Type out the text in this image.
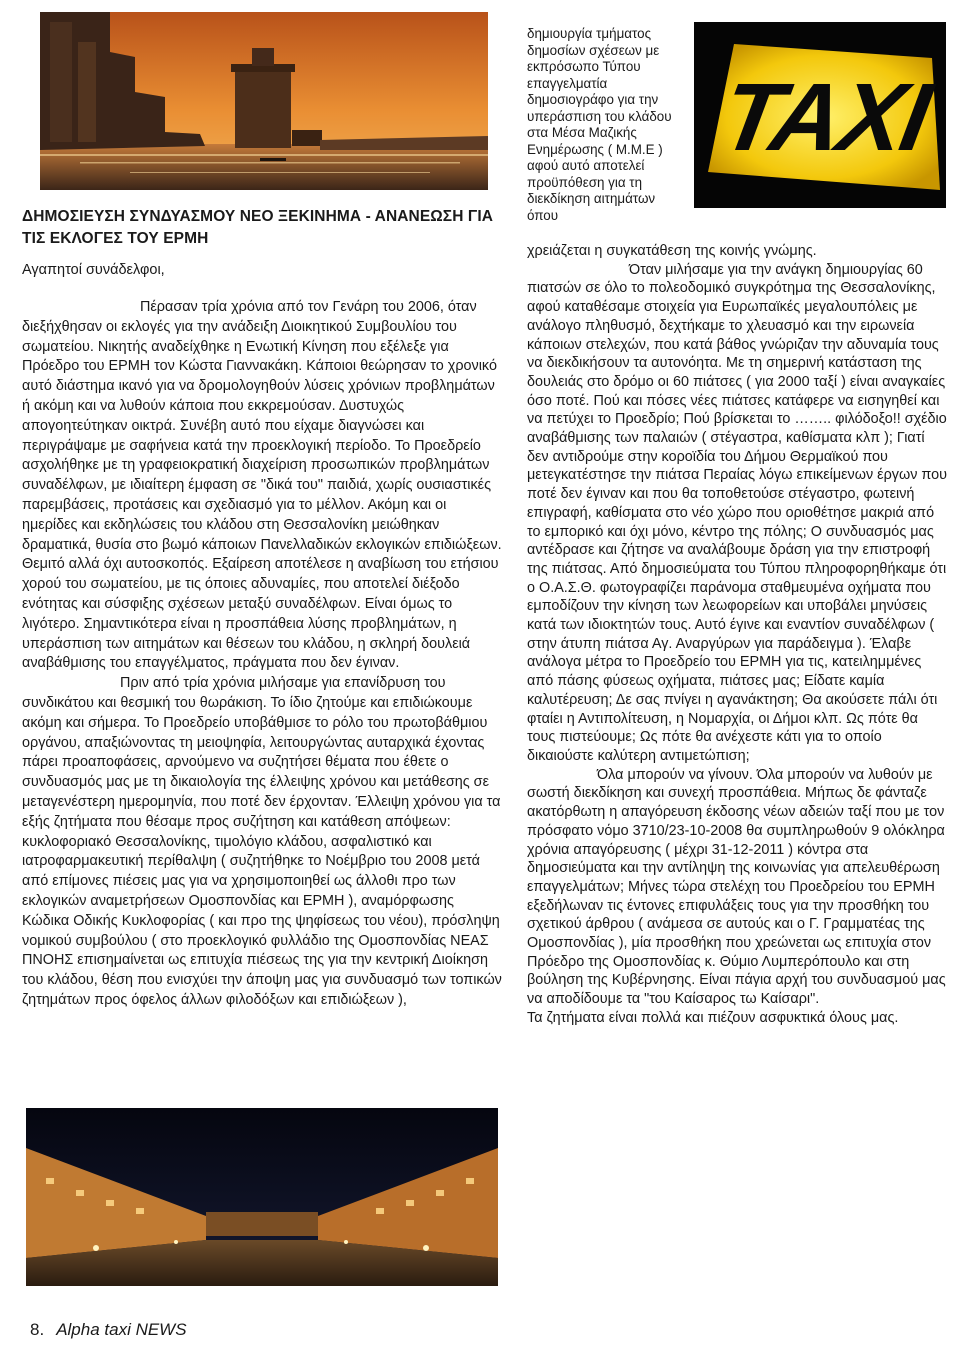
TAXI
ΔΗΜΟΣΙΕΥΣΗ ΣΥΝΔΥΑΣΜΟΥ ΝΕΟ ΞΕΚΙΝΗΜΑ - ΑΝΑΝΕΩΣΗ ΓΙΑ ΤΙΣ ΕΚΛΟΓΕΣ ΤΟΥ ΕΡΜΗ

Αγαπητοί συνάδελφοι,

Πέρασαν τρία χρόνια από τον Γενάρη του 2006, όταν διεξήχθησαν οι εκλογές για την ανάδειξη Διοικητικού Συμβουλίου του σωματείου. Νικητής αναδείχθηκε η Ενωτική Κίνηση που εξέλεξε για Πρόεδρο του ΕΡΜΗ τον Κώστα Γιαννακάκη. Κάποιοι θεώρησαν το χρονικό αυτό διάστημα ικανό για να δρομολογηθούν λύσεις χρόνιων προβλημάτων ή ακόμη και να λυθούν κάποια που εκκρεμούσαν. Δυστυχώς απογοητεύτηκαν οικτρά. Συνέβη αυτό που είχαμε διαγνώσει και περιγράψαμε με σαφήνεια κατά την προεκλογική περίοδο. Το Προεδρείο ασχολήθηκε με τη γραφειοκρατική διαχείριση προσωπικών προβλημάτων συναδέλφων, με ιδιαίτερη έμφαση σε "δικά του" παιδιά, χωρίς ουσιαστικές παρεμβάσεις, προτάσεις και σχεδιασμό για το μέλλον. Ακόμη και οι ημερίδες και εκδηλώσεις του κλάδου στη Θεσσαλονίκη μειώθηκαν δραματικά, θυσία στο βωμό κάποιων Πανελλαδικών εκλογικών επιδιώξεων. Θεμιτό αλλά όχι αυτοσκοπός. Εξαίρεση αποτέλεσε η αναβίωση του ετήσιου χορού του σωματείου, με τις όποιες αδυναμίες, που αποτελεί διέξοδο ενότητας και σύσφιξης σχέσεων μεταξύ συναδέλφων. Είναι όμως το λιγότερο. Σημαντικότερα είναι η προσπάθεια λύσης προβλημάτων, η υπεράσπιση των αιτημάτων και θέσεων του κλάδου, η σκληρή δουλειά αναβάθμισης του επαγγέλματος, πράγματα που δεν έγιναν.

Πριν από τρία χρόνια μιλήσαμε για επανίδρυση του συνδικάτου και θεσμική του θωράκιση. Το ίδιο ζητούμε και επιδιώκουμε ακόμη και σήμερα. Το Προεδρείο υποβάθμισε το ρόλο του πρωτοβάθμιου οργάνου, απαξιώνοντας τη μειοψηφία, λειτουργώντας αυταρχικά έχοντας πάρει προαποφάσεις, αρνούμενο να συζητήσει θέματα που έθετε ο συνδυασμός μας με τη δικαιολογία της έλλειψης χρόνου και μετάθεσης σε μεταγενέστερη ημερομηνία, που ποτέ δεν έρχονταν. Έλλειψη χρόνου για τα εξής ζητήματα που θέσαμε προς συζήτηση και κατάθεση απόψεων: κυκλοφοριακό Θεσσαλονίκης, τιμολόγιο κλάδου, ασφαλιστικό και ιατροφαρμακευτική περίθαλψη ( συζητήθηκε το Νοέμβριο του 2008 μετά από επίμονες πιέσεις μας για να χρησιμοποιηθεί ως άλλοθι προ των εκλογικών αναμετρήσεων Ομοσπονδίας και ΕΡΜΗ ), αναμόρφωσης Κώδικα Οδικής Κυκλοφορίας ( και προ της ψηφίσεως του νέου), πρόσληψη νομικού συμβούλου ( στο προεκλογικό φυλλάδιο της Ομοσπονδίας ΝΕΑΣ ΠΝΟΗΣ επισημαίνεται ως επιτυχία πιέσεως της για την κεντρική Διοίκηση του κλάδου, θέση που ενισχύει την άποψη μας για συνδυασμό των τοπικών ζητημάτων προς όφελος άλλων φιλοδόξων και επιδιώξεων ),

δημιουργία τμήματος δημοσίων σχέσεων με εκπρόσωπο Τύπου επαγγελματία δημοσιογράφο για την υπεράσπιση του κλάδου στα Μέσα Μαζικής Ενημέρωσης ( Μ.Μ.Ε ) αφού αυτό αποτελεί προϋπόθεση για τη διεκδίκηση αιτημάτων όπου

χρειάζεται η συγκατάθεση της κοινής γνώμης.

Όταν μιλήσαμε για την ανάγκη δημιουργίας 60 πιατσών σε όλο το πολεοδομικό συγκρότημα της Θεσσαλονίκης, αφού καταθέσαμε στοιχεία για Ευρωπαϊκές μεγαλουπόλεις με ανάλογο πληθυσμό, δεχτήκαμε το χλευασμό και την ειρωνεία κάποιων στελεχών, που κατά βάθος γνώριζαν την αδυναμία τους να διεκδικήσουν τα αυτονόητα. Με τη σημερινή κατάσταση της δουλειάς στο δρόμο οι 60 πιάτσες ( για 2000 ταξί ) είναι αναγκαίες όσο ποτέ. Πού και πόσες νέες πιάτσες κατάφερε να εισηγηθεί και να πετύχει το Προεδρίο; Πού βρίσκεται το …….. φιλόδοξο!! σχέδιο αναβάθμισης των παλαιών ( στέγαστρα, καθίσματα κλπ ); Γιατί δεν αντιδρούμε στην κοροϊδία του Δήμου Θερμαϊκού που μετεγκατέστησε την πιάτσα Περαίας λόγω επικείμενων έργων που ποτέ δεν έγιναν και που θα τοποθετούσε στέγαστρο, φωτεινή επιγραφή, καθίσματα στο νέο χώρο που οριοθέτησε μακριά από το εμπορικό και όχι μόνο, κέντρο της πόλης; Ο συνδυασμός μας αντέδρασε και ζήτησε να αναλάβουμε δράση για την επιστροφή της πιάτσας. Από δημοσιεύματα του Τύπου πληροφορηθήκαμε ότι ο Ο.Α.Σ.Θ. φωτογραφίζει παράνομα σταθμευμένα οχήματα που εμποδίζουν την κίνηση των λεωφορείων και υποβάλει μηνύσεις κατά των ιδιοκτητών τους. Αυτό έγινε και εναντίον συναδέλφων ( στην άτυπη πιάτσα Αγ. Αναργύρων για παράδειγμα ). Έλαβε ανάλογα μέτρα το Προεδρείο του ΕΡΜΗ για τις, κατειλημμένες από πάσης φύσεως οχήματα, πιάτσες μας; Είδατε καμία καλυτέρευση; Δε σας πνίγει η αγανάκτηση; Θα ακούσετε πάλι ότι φταίει η Αντιπολίτευση, η Νομαρχία, οι Δήμοι κλπ. Ως πότε θα τους πιστεύουμε; Ως πότε θα ανέχεστε κάτι για το οποίο δικαιούστε καλύτερη αντιμετώπιση;

Όλα μπορούν να γίνουν. Όλα μπορούν να λυθούν με σωστή διεκδίκηση και συνεχή προσπάθεια. Μήπως δε φάνταζε ακατόρθωτη η απαγόρευση έκδοσης νέων αδειών ταξί που με τον πρόσφατο νόμο 3710/23-10-2008 θα συμπληρωθούν 9 ολόκληρα χρόνια απαγόρευσης ( μέχρι 31-12-2011 ) κόντρα στα δημοσιεύματα και την αντίληψη της κοινωνίας για απελευθέρωση επαγγελμάτων; Μήνες τώρα στελέχη του Προεδρείου του ΕΡΜΗ εξεδήλωναν τις έντονες επιφυλάξεις τους για την προσθήκη του σχετικού άρθρου ( ανάμεσα σε αυτούς και ο Γ. Γραμματέας της Ομοσπονδίας ), μία προσθήκη που χρεώνεται ως επιτυχία στον Πρόεδρο της Ομοσπονδίας κ. Θύμιο Λυμπερόπουλο και στη βούληση της Κυβέρνησης. Είναι πάγια αρχή του συνδυασμού μας να αποδίδουμε τα "του Καίσαρος τω Καίσαρι".

Τα ζητήματα είναι πολλά και πιέζουν ασφυκτικά όλους μας.

8. Alpha taxi NEWS
